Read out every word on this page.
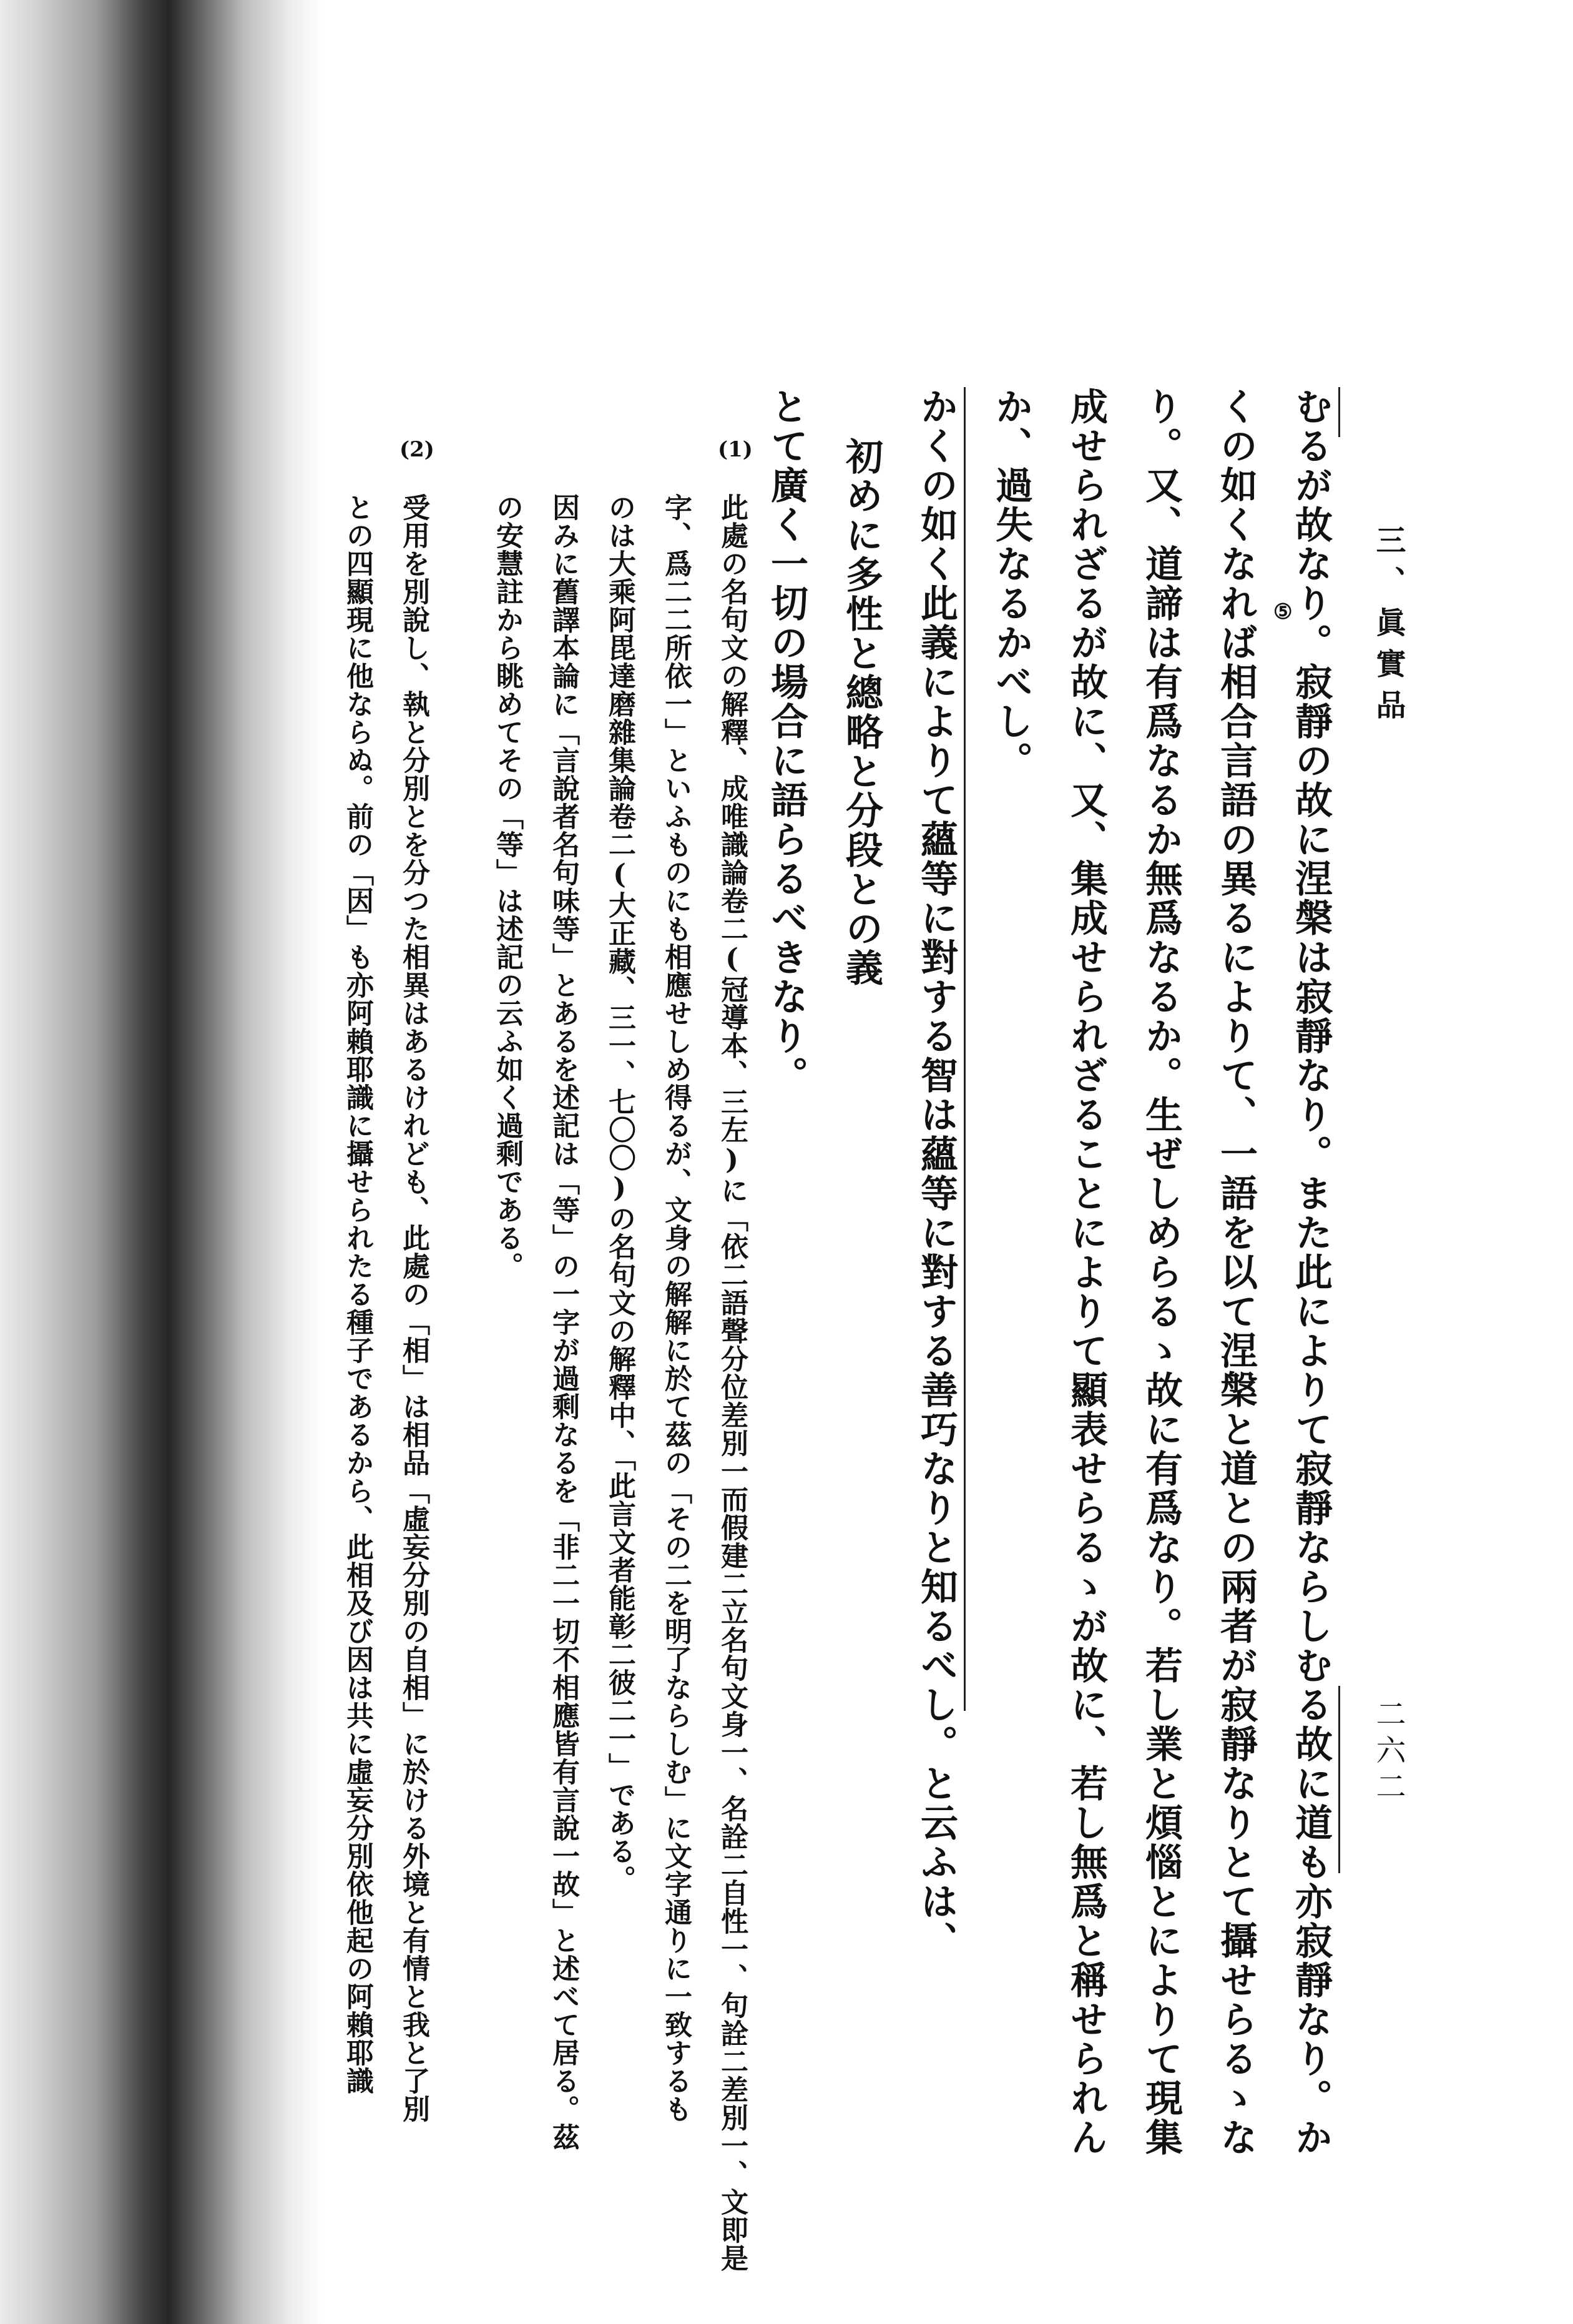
三、眞實品
二六二
むるが故なり。寂靜の故に涅槃は寂靜なり。また此によりて寂靜ならしむる故に道も亦寂靜なり。か
くの如くなれば相合言語の異るによりて、一語を以て涅槃と道との兩者が寂靜なりとて攝せらるゝな
り。又、道諦は有爲なるか無爲なるか。生ぜしめらるゝ故に有爲なり。若し業と煩惱とによりて現集
成せられざるが故に、又、集成せられざることによりて顯表せらるゝが故に、若し無爲と稱せられん
か、過失なるかべし。
かくの如く此義によりて蘊等に對する智は蘊等に對する善巧なりと知るべし。と云ふは、
初めに多性と總略と分段との義
とて廣く一切の場合に語らるべきなり。	⑤
(1)
(2)
此處の名句文の解釋、成唯識論卷二(冠導本、三左)に「依二語聲分位差別一而假建二立名句文身一、名詮二自性一、句詮二差別一、文即是
字、爲二二所依一」といふものにも相應せしめ得るが、文身の解解に於て茲の「その二を明了ならしむ」に文字通りに一致するも
のは大乘阿毘達磨雜集論卷二(大正藏、三一、七〇〇)の名句文の解釋中、「此言文者能彰二彼二一」である。
因みに舊譯本論に「言說者名句味等」とあるを述記は「等」の一字が過剩なるを「非二一切不相應皆有言說一故」と述べて居る。茲
の安慧註から眺めてその「等」は述記の云ふ如く過剩である。
受用を別說し、執と分別とを分つた相異はあるけれども、此處の「相」は相品「虛妄分別の自相」に於ける外境と有情と我と了別
との四顯現に他ならぬ。前の「因」も亦阿賴耶識に攝せられたる種子であるから、此相及び因は共に虛妄分別依他起の阿賴耶識
